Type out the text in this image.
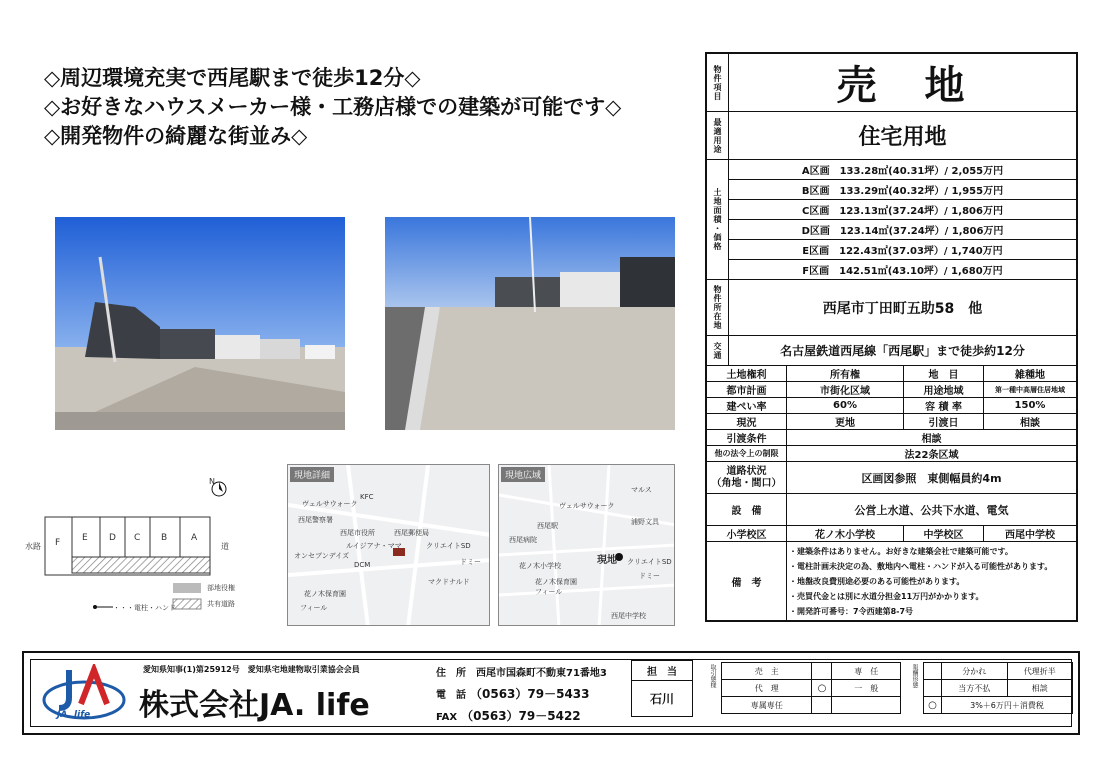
◇周辺環境充実で西尾駅まで徒歩12分◇
◇お好きなハウスメーカー様・工務店様での建築が可能です◇
◇開発物件の綺麗な街並み◇
N
F E D C B	A
水路	道
部地役権
共有道路
・・・電柱・ハンド
現地詳細
ヴェルサウォーク
KFC
西尾警察署
西尾市役所	西尾郵便局
ルイジアナ・ママ
オンセブンデイズ
DCM
クリエイトSD
ドミー
マクドナルド
花ノ木保育園
フィール
現地広域
ヴェルサウォーク
西尾駅
西尾病院
マルス
浦野文具
ドミー
クリエイトSD
花ノ木小学校
花ノ木保育園
フィール
西尾中学校
現地
物件項目	売　地
最適用途	住宅用地
土地面積・価格
A区画　133.28㎡(40.31坪）/ 2,055万円
B区画　133.29㎡(40.32坪）/ 1,955万円
C区画　123.13㎡(37.24坪）/ 1,806万円
D区画　123.14㎡(37.24坪）/ 1,806万円
E区画　122.43㎡(37.03坪）/ 1,740万円
F区画　142.51㎡(43.10坪）/ 1,680万円
物件所在地	西尾市丁田町五助58　他
交通	名古屋鉄道西尾線「西尾駅」まで徒歩約12分
土地権利	所有権	地　目	雑種地
都市計画	市街化区域	用途地域	第一種中高層住居地域
建ぺい率	60%	容 積 率	150%
現況	更地	引渡日	相談
引渡条件	相談
他の法令上の制限	法22条区域
道路状況
（角地・間口）	区画図参照　東側幅員約4m
設　備	公営上水道、公共下水道、電気
小学校区	花ノ木小学校	中学校区	西尾中学校
備　考
・建築条件はありません。お好きな建築会社で建築可能です。
・電柱計画未決定の為、敷地内へ電柱・ハンドが入る可能性があります。
・地盤改良費別途必要のある可能性があります。
・売買代金とは別に水道分担金11万円がかかります。
・開発許可番号：7令西建第8-7号
JA. life
愛知県知事(1)第25912号　愛知県宅地建物取引業協会会員
株式会社JA. life
住　所　 西尾市国森町不動東71番地3
電　話　 （0563）79－5433
FAX　 （0563）79－5422
担　当
石川
取引態様	売　主		専　任
代　理	○	一　般
専属専任		
報酬形態
		分かれ	代理折半
	当方不払	相談
○	3%＋6万円＋消費税	
